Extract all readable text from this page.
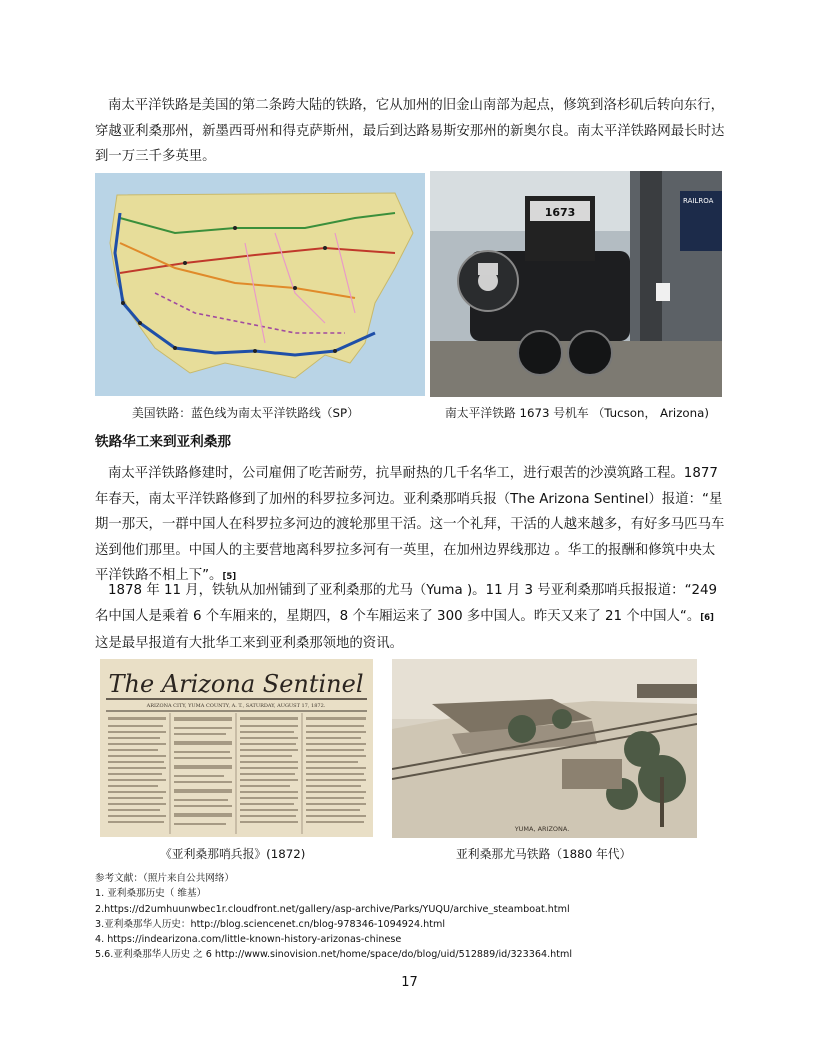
南太平洋铁路是美国的第二条跨大陆的铁路，它从加州的旧金山南部为起点，修筑到洛杉矶后转向东行，穿越亚利桑那州，新墨西哥州和得克萨斯州，最后到达路易斯安那州的新奥尔良。南太平洋铁路网最长时达到一万三千多英里。

1673
RAILROA
美国铁路：蓝色线为南太平洋铁路线（SP）	南太平洋铁路 1673 号机车 （Tucson， Arizona)
铁路华工来到亚利桑那

南太平洋铁路修建时，公司雇佣了吃苦耐劳，抗旱耐热的几千名华工，进行艰苦的沙漠筑路工程。1877 年春天，南太平洋铁路修到了加州的科罗拉多河边。亚利桑那哨兵报（The Arizona Sentinel）报道：“星期一那天，一群中国人在科罗拉多河边的渡轮那里干活。这一个礼拜，干活的人越来越多，有好多马匹马车送到他们那里。中国人的主要营地离科罗拉多河有一英里，在加州边界线那边 。华工的报酬和修筑中央太平洋铁路不相上下”。[5]

1878 年 11 月，铁轨从加州铺到了亚利桑那的尤马（Yuma )。11 月 3 号亚利桑那哨兵报报道：“249 名中国人是乘着 6 个车厢来的，星期四，8 个车厢运来了 300 多中国人。昨天又来了 21 个中国人“。[6]这是最早报道有大批华工来到亚利桑那领地的资讯。

The Arizona Sentinel
ARIZONA CITY, YUMA COUNTY, A. T., SATURDAY, AUGUST 17, 1872.
YUMA, ARIZONA.
《亚利桑那哨兵报》(1872)	亚利桑那尤马铁路（1880 年代）
参考文献：（照片来自公共网络）
1. 亚利桑那历史（ 维基）
2.https://d2umhuunwbec1r.cloudfront.net/gallery/asp-archive/Parks/YUQU/archive_steamboat.html
3.亚利桑那华人历史：http://blog.sciencenet.cn/blog-978346-1094924.html
4. https://indearizona.com/little-known-history-arizonas-chinese
5.6.亚利桑那华人历史 之 6 http://www.sinovision.net/home/space/do/blog/uid/512889/id/323364.html
17
